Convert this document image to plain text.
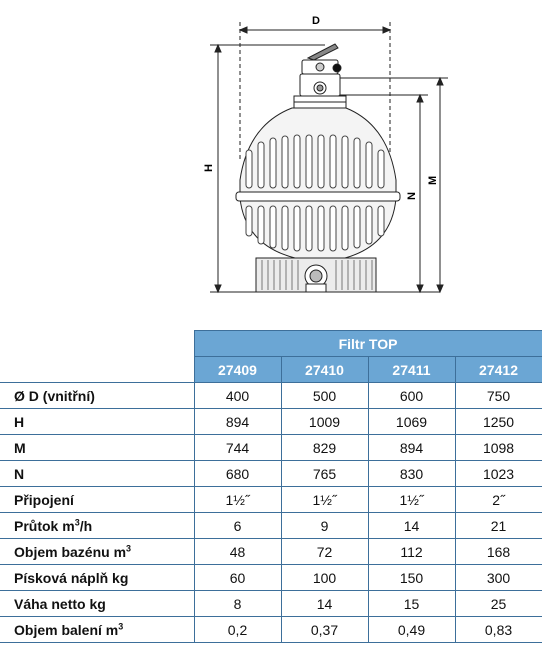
D
H
N
M
	Filtr TOP			
	27409	27410	27411	27412
Ø D (vnitřní)	400	500	600	750
H	894	1009	1069	1250
M	744	829	894	1098
N	680	765	830	1023
Připojení	1½˝	1½˝	1½˝	2˝
Průtok $m^3/h$	6	9	14	21
Objem bazénu $m^3$	48	72	112	168
Písková náplň kg	60	100	150	300
Váha netto kg	8	14	15	25
Objem balení $m^3$	0,2	0,37	0,49	0,83
